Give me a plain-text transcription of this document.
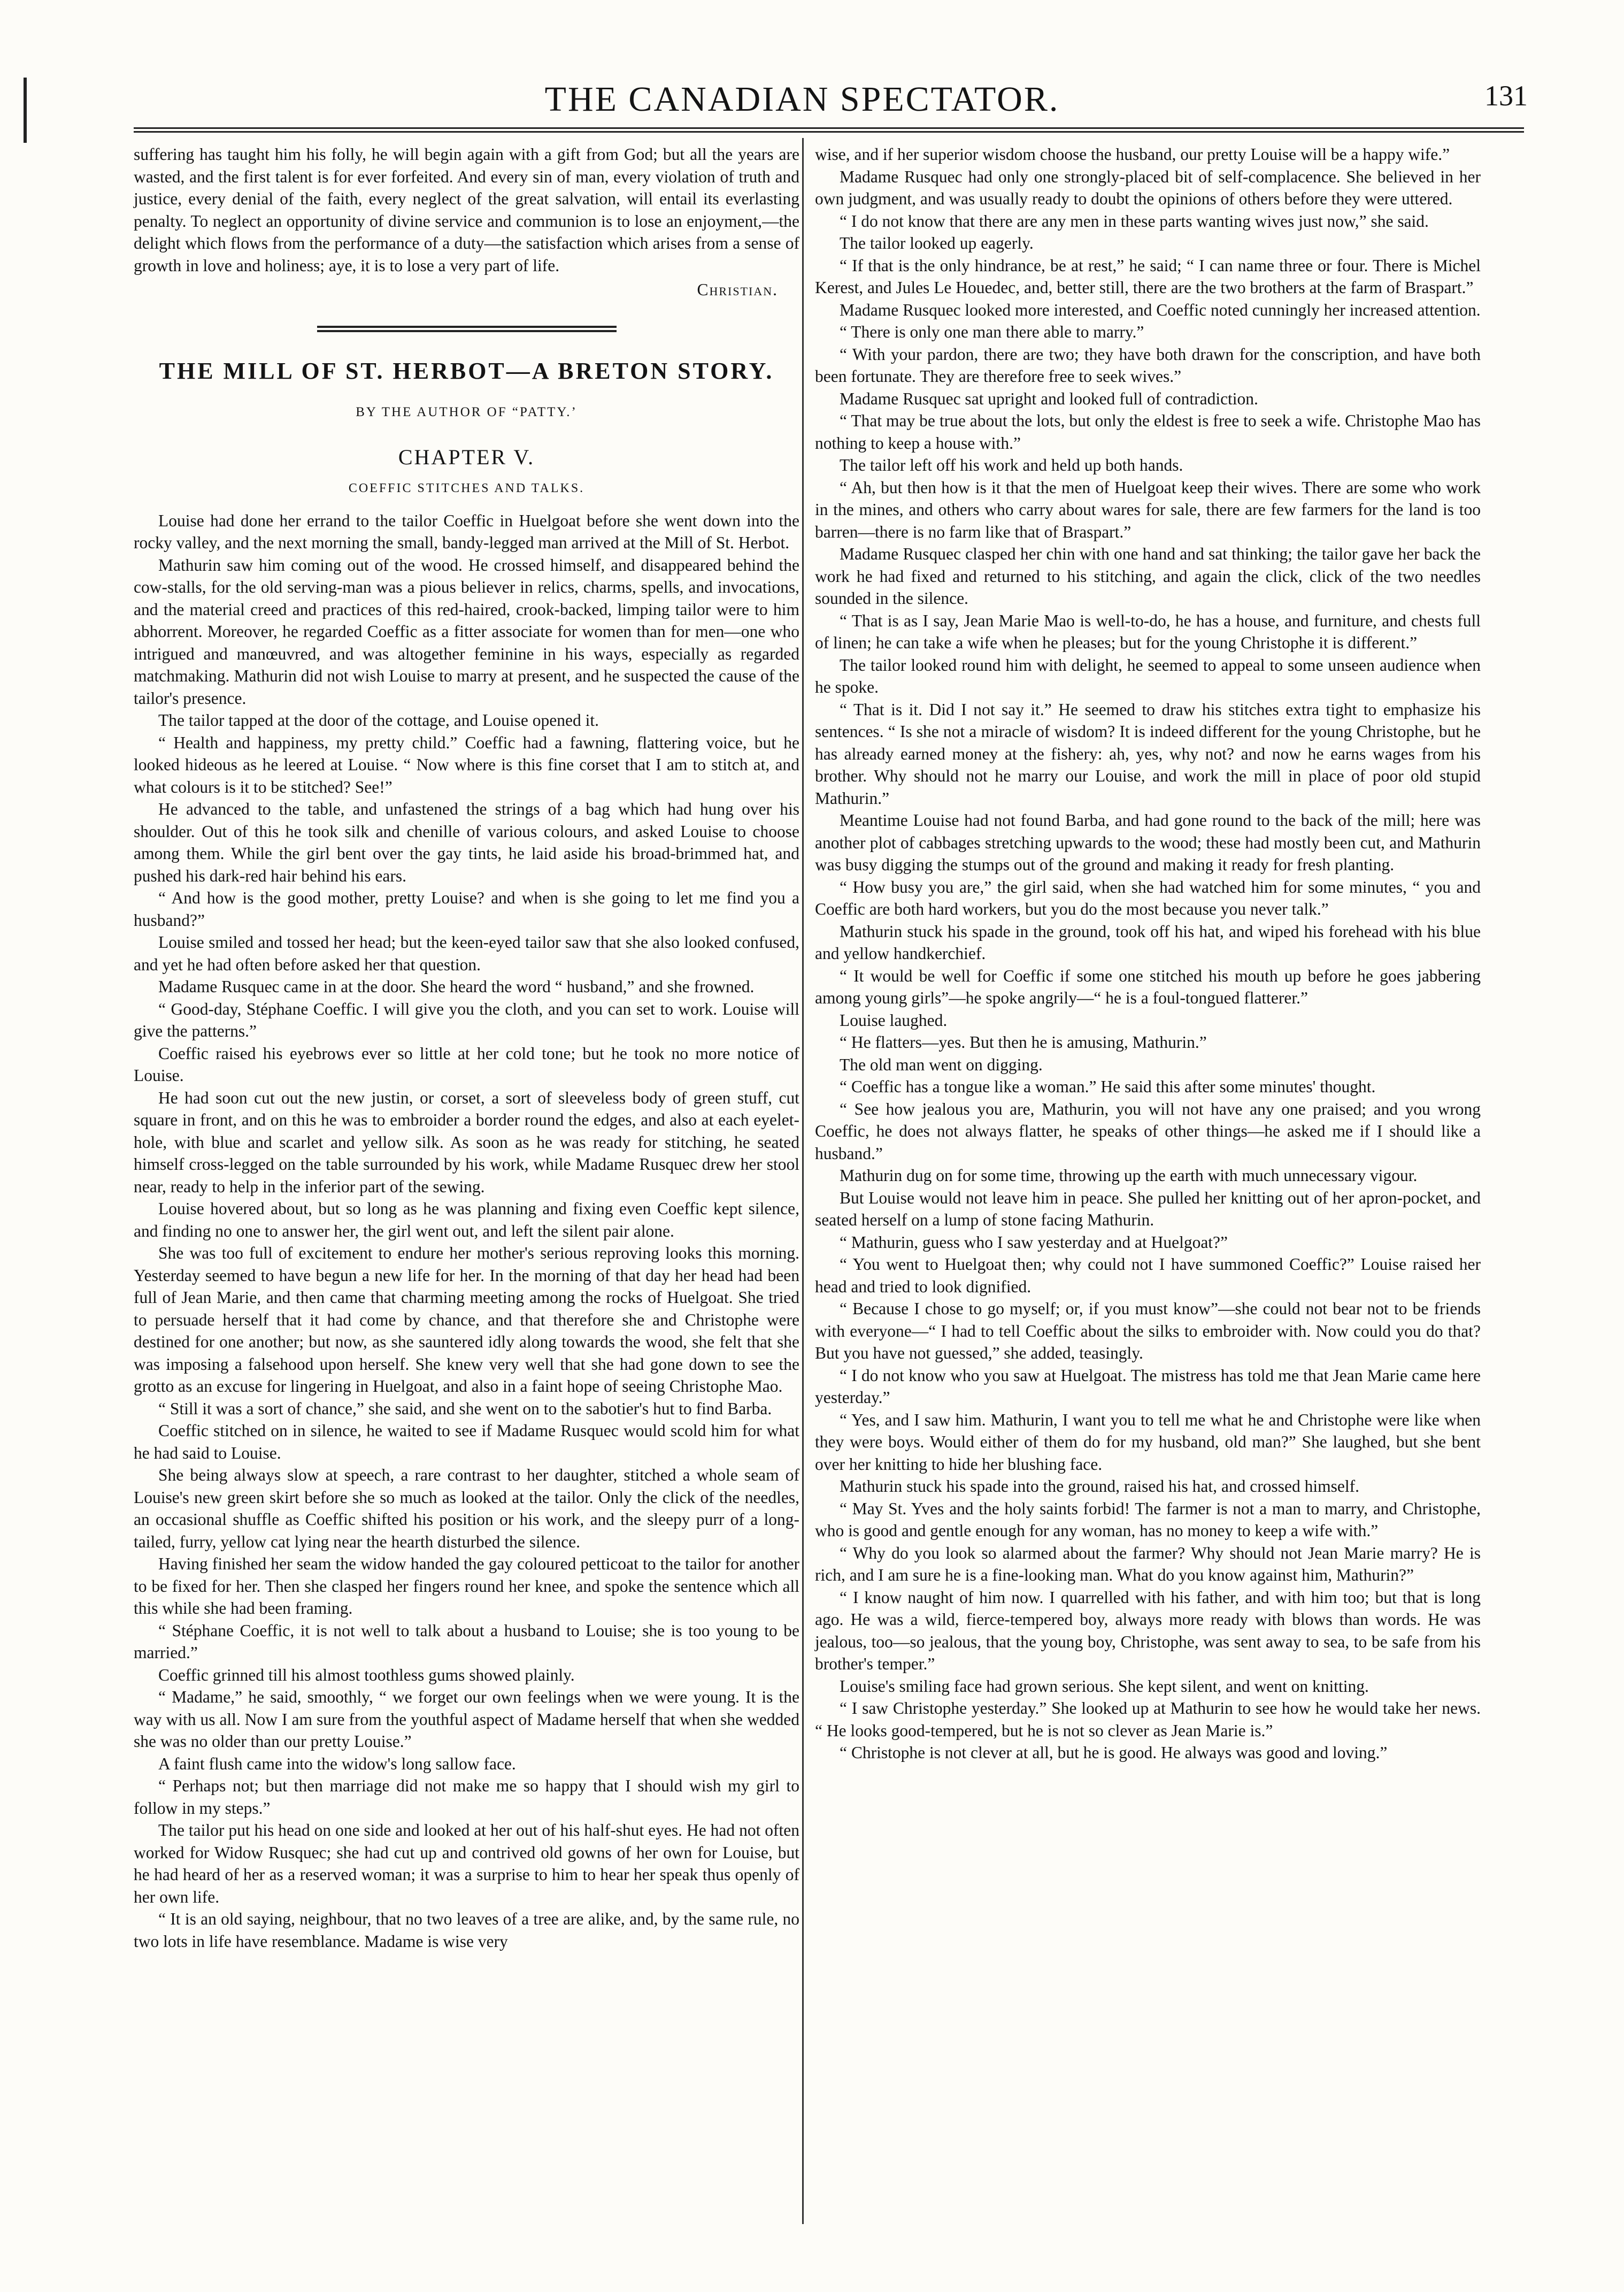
THE CANADIAN SPECTATOR.	131

suffering has taught him his folly, he will begin again with a gift from God; but all the years are wasted, and the first talent is for ever forfeited. And every sin of man, every violation of truth and justice, every denial of the faith, every neglect of the great salvation, will entail its everlasting penalty. To neglect an opportunity of divine service and communion is to lose an enjoyment,—the delight which flows from the performance of a duty—the satisfaction which arises from a sense of growth in love and holiness; aye, it is to lose a very part of life.

Christian.
THE MILL OF ST. HERBOT—A BRETON STORY.
BY THE AUTHOR OF “PATTY.’
CHAPTER V.
COEFFIC STITCHES AND TALKS.

Louise had done her errand to the tailor Coeffic in Huelgoat before she went down into the rocky valley, and the next morning the small, bandy-legged man arrived at the Mill of St. Herbot.

Mathurin saw him coming out of the wood. He crossed himself, and disappeared behind the cow-stalls, for the old serving-man was a pious believer in relics, charms, spells, and invocations, and the material creed and practices of this red-haired, crook-backed, limping tailor were to him abhorrent. Moreover, he regarded Coeffic as a fitter associate for women than for men—one who intrigued and manœuvred, and was altogether feminine in his ways, especially as regarded matchmaking. Mathurin did not wish Louise to marry at present, and he suspected the cause of the tailor's presence.

The tailor tapped at the door of the cottage, and Louise opened it.

“ Health and happiness, my pretty child.” Coeffic had a fawning, flattering voice, but he looked hideous as he leered at Louise. “ Now where is this fine corset that I am to stitch at, and what colours is it to be stitched? See!”

He advanced to the table, and unfastened the strings of a bag which had hung over his shoulder. Out of this he took silk and chenille of various colours, and asked Louise to choose among them. While the girl bent over the gay tints, he laid aside his broad-brimmed hat, and pushed his dark-red hair behind his ears.

“ And how is the good mother, pretty Louise? and when is she going to let me find you a husband?”

Louise smiled and tossed her head; but the keen-eyed tailor saw that she also looked confused, and yet he had often before asked her that question.

Madame Rusquec came in at the door. She heard the word “ husband,” and she frowned.

“ Good-day, Stéphane Coeffic. I will give you the cloth, and you can set to work. Louise will give the patterns.”

Coeffic raised his eyebrows ever so little at her cold tone; but he took no more notice of Louise.

He had soon cut out the new justin, or corset, a sort of sleeveless body of green stuff, cut square in front, and on this he was to embroider a border round the edges, and also at each eyelet-hole, with blue and scarlet and yellow silk. As soon as he was ready for stitching, he seated himself cross-legged on the table surrounded by his work, while Madame Rusquec drew her stool near, ready to help in the inferior part of the sewing.

Louise hovered about, but so long as he was planning and fixing even Coeffic kept silence, and finding no one to answer her, the girl went out, and left the silent pair alone.

She was too full of excitement to endure her mother's serious reproving looks this morning. Yesterday seemed to have begun a new life for her. In the morning of that day her head had been full of Jean Marie, and then came that charming meeting among the rocks of Huelgoat. She tried to persuade herself that it had come by chance, and that therefore she and Christophe were destined for one another; but now, as she sauntered idly along towards the wood, she felt that she was imposing a falsehood upon herself. She knew very well that she had gone down to see the grotto as an excuse for lingering in Huelgoat, and also in a faint hope of seeing Christophe Mao.

“ Still it was a sort of chance,” she said, and she went on to the sabotier's hut to find Barba.

Coeffic stitched on in silence, he waited to see if Madame Rusquec would scold him for what he had said to Louise.

She being always slow at speech, a rare contrast to her daughter, stitched a whole seam of Louise's new green skirt before she so much as looked at the tailor. Only the click of the needles, an occasional shuffle as Coeffic shifted his position or his work, and the sleepy purr of a long-tailed, furry, yellow cat lying near the hearth disturbed the silence.

Having finished her seam the widow handed the gay coloured petticoat to the tailor for another to be fixed for her. Then she clasped her fingers round her knee, and spoke the sentence which all this while she had been framing.

“ Stéphane Coeffic, it is not well to talk about a husband to Louise; she is too young to be married.”

Coeffic grinned till his almost toothless gums showed plainly.

“ Madame,” he said, smoothly, “ we forget our own feelings when we were young. It is the way with us all. Now I am sure from the youthful aspect of Madame herself that when she wedded she was no older than our pretty Louise.”

A faint flush came into the widow's long sallow face.

“ Perhaps not; but then marriage did not make me so happy that I should wish my girl to follow in my steps.”

The tailor put his head on one side and looked at her out of his half-shut eyes. He had not often worked for Widow Rusquec; she had cut up and contrived old gowns of her own for Louise, but he had heard of her as a reserved woman; it was a surprise to him to hear her speak thus openly of her own life.

“ It is an old saying, neighbour, that no two leaves of a tree are alike, and, by the same rule, no two lots in life have resemblance. Madame is wise very

wise, and if her superior wisdom choose the husband, our pretty Louise will be a happy wife.”

Madame Rusquec had only one strongly-placed bit of self-complacence. She believed in her own judgment, and was usually ready to doubt the opinions of others before they were uttered.

“ I do not know that there are any men in these parts wanting wives just now,” she said.

The tailor looked up eagerly.

“ If that is the only hindrance, be at rest,” he said; “ I can name three or four. There is Michel Kerest, and Jules Le Houedec, and, better still, there are the two brothers at the farm of Braspart.”

Madame Rusquec looked more interested, and Coeffic noted cunningly her increased attention.

“ There is only one man there able to marry.”

“ With your pardon, there are two; they have both drawn for the conscription, and have both been fortunate. They are therefore free to seek wives.”

Madame Rusquec sat upright and looked full of contradiction.

“ That may be true about the lots, but only the eldest is free to seek a wife. Christophe Mao has nothing to keep a house with.”

The tailor left off his work and held up both hands.

“ Ah, but then how is it that the men of Huelgoat keep their wives. There are some who work in the mines, and others who carry about wares for sale, there are few farmers for the land is too barren—there is no farm like that of Braspart.”

Madame Rusquec clasped her chin with one hand and sat thinking; the tailor gave her back the work he had fixed and returned to his stitching, and again the click, click of the two needles sounded in the silence.

“ That is as I say, Jean Marie Mao is well-to-do, he has a house, and furniture, and chests full of linen; he can take a wife when he pleases; but for the young Christophe it is different.”

The tailor looked round him with delight, he seemed to appeal to some unseen audience when he spoke.

“ That is it. Did I not say it.” He seemed to draw his stitches extra tight to emphasize his sentences. “ Is she not a miracle of wisdom? It is indeed different for the young Christophe, but he has already earned money at the fishery: ah, yes, why not? and now he earns wages from his brother. Why should not he marry our Louise, and work the mill in place of poor old stupid Mathurin.”

Meantime Louise had not found Barba, and had gone round to the back of the mill; here was another plot of cabbages stretching upwards to the wood; these had mostly been cut, and Mathurin was busy digging the stumps out of the ground and making it ready for fresh planting.

“ How busy you are,” the girl said, when she had watched him for some minutes, “ you and Coeffic are both hard workers, but you do the most because you never talk.”

Mathurin stuck his spade in the ground, took off his hat, and wiped his forehead with his blue and yellow handkerchief.

“ It would be well for Coeffic if some one stitched his mouth up before he goes jabbering among young girls”—he spoke angrily—“ he is a foul-tongued flatterer.”

Louise laughed.

“ He flatters—yes. But then he is amusing, Mathurin.”

The old man went on digging.

“ Coeffic has a tongue like a woman.” He said this after some minutes' thought.

“ See how jealous you are, Mathurin, you will not have any one praised; and you wrong Coeffic, he does not always flatter, he speaks of other things—he asked me if I should like a husband.”

Mathurin dug on for some time, throwing up the earth with much unnecessary vigour.

But Louise would not leave him in peace. She pulled her knitting out of her apron-pocket, and seated herself on a lump of stone facing Mathurin.

“ Mathurin, guess who I saw yesterday and at Huelgoat?”

“ You went to Huelgoat then; why could not I have summoned Coeffic?” Louise raised her head and tried to look dignified.

“ Because I chose to go myself; or, if you must know”—she could not bear not to be friends with everyone—“ I had to tell Coeffic about the silks to embroider with. Now could you do that? But you have not guessed,” she added, teasingly.

“ I do not know who you saw at Huelgoat. The mistress has told me that Jean Marie came here yesterday.”

“ Yes, and I saw him. Mathurin, I want you to tell me what he and Christophe were like when they were boys. Would either of them do for my husband, old man?” She laughed, but she bent over her knitting to hide her blushing face.

Mathurin stuck his spade into the ground, raised his hat, and crossed himself.

“ May St. Yves and the holy saints forbid! The farmer is not a man to marry, and Christophe, who is good and gentle enough for any woman, has no money to keep a wife with.”

“ Why do you look so alarmed about the farmer? Why should not Jean Marie marry? He is rich, and I am sure he is a fine-looking man. What do you know against him, Mathurin?”

“ I know naught of him now. I quarrelled with his father, and with him too; but that is long ago. He was a wild, fierce-tempered boy, always more ready with blows than words. He was jealous, too—so jealous, that the young boy, Christophe, was sent away to sea, to be safe from his brother's temper.”

Louise's smiling face had grown serious. She kept silent, and went on knitting.

“ I saw Christophe yesterday.” She looked up at Mathurin to see how he would take her news. “ He looks good-tempered, but he is not so clever as Jean Marie is.”

“ Christophe is not clever at all, but he is good. He always was good and loving.”
